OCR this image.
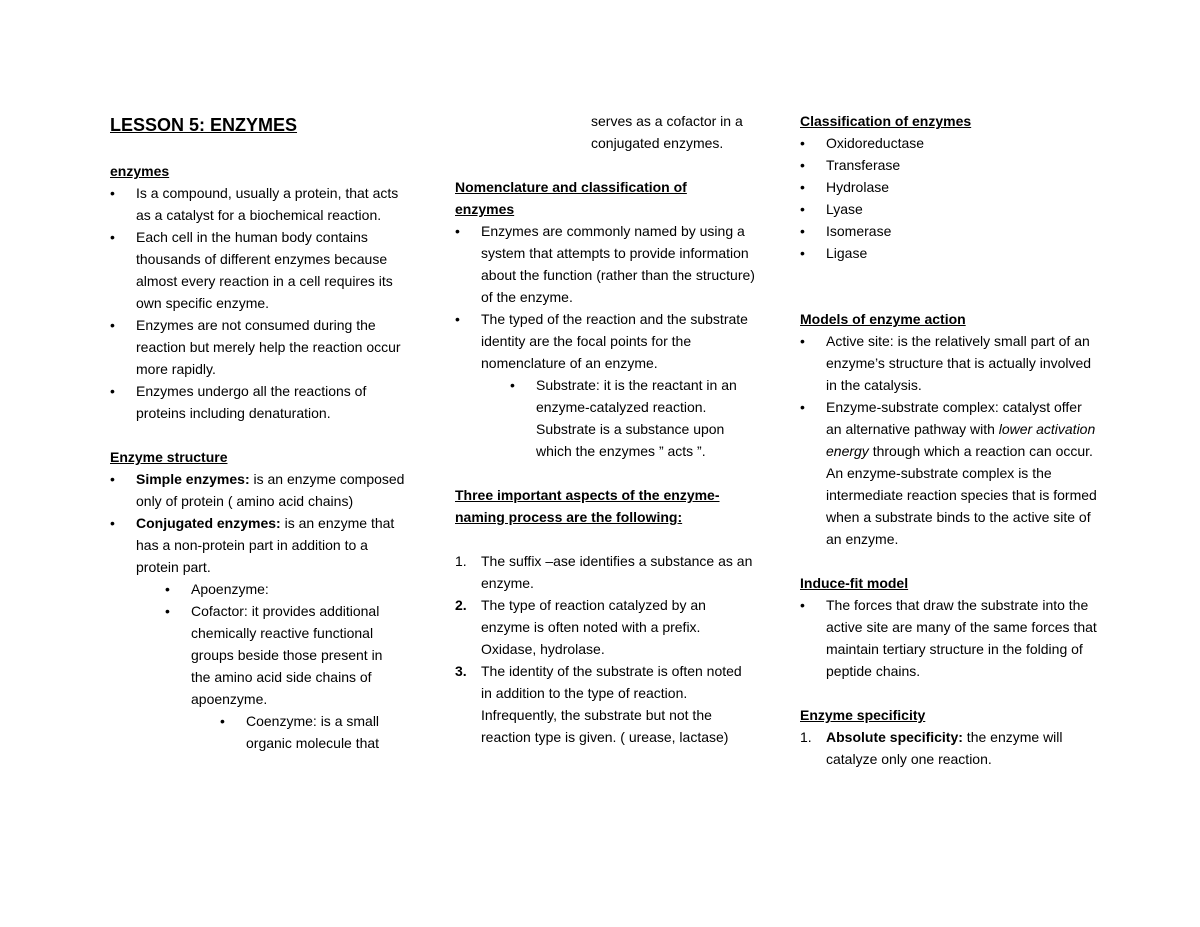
LESSON 5: ENZYMES
enzymes
• Is a compound, usually a protein, that acts as a catalyst for a biochemical reaction.
• Each cell in the human body contains thousands of different enzymes because almost every reaction in a cell requires its own specific enzyme.
• Enzymes are not consumed during the reaction but merely help the reaction occur more rapidly.
• Enzymes undergo all the reactions of proteins including denaturation.
Enzyme structure
• Simple enzymes: is an enzyme composed only of protein ( amino acid chains)
• Conjugated enzymes: is an enzyme that has a non-protein part in addition to a protein part.
• Apoenzyme:
• Cofactor: it provides additional chemically reactive functional groups beside those present in the amino acid side chains of apoenzyme.
• Coenzyme: is a small organic molecule that
serves as a cofactor in a conjugated enzymes.
Nomenclature and classification of enzymes
• Enzymes are commonly named by using a system that attempts to provide information about the function (rather than the structure) of the enzyme.
• The typed of the reaction and the substrate identity are the focal points for the nomenclature of an enzyme.
• Substrate: it is the reactant in an enzyme-catalyzed reaction. Substrate is a substance upon which the enzymes ” acts ”.
Three important aspects of the enzyme-naming process are the following:
1. The suffix –ase identifies a substance as an enzyme.
2. The type of reaction catalyzed by an enzyme is often noted with a prefix. Oxidase, hydrolase.
3. The identity of the substrate is often noted in addition to the type of reaction. Infrequently, the substrate but not the reaction type is given. ( urease, lactase)
Classification of enzymes
• Oxidoreductase
• Transferase
• Hydrolase
• Lyase
• Isomerase
• Ligase
Models of enzyme action
• Active site: is the relatively small part of an enzyme’s structure that is actually involved in the catalysis.
• Enzyme-substrate complex: catalyst offer an alternative pathway with lower activation energy through which a reaction can occur. An enzyme-substrate complex is the intermediate reaction species that is formed when a substrate binds to the active site of an enzyme.
Induce-fit model
• The forces that draw the substrate into the active site are many of the same forces that maintain tertiary structure in the folding of peptide chains.
Enzyme specificity
1. Absolute specificity: the enzyme will catalyze only one reaction.
